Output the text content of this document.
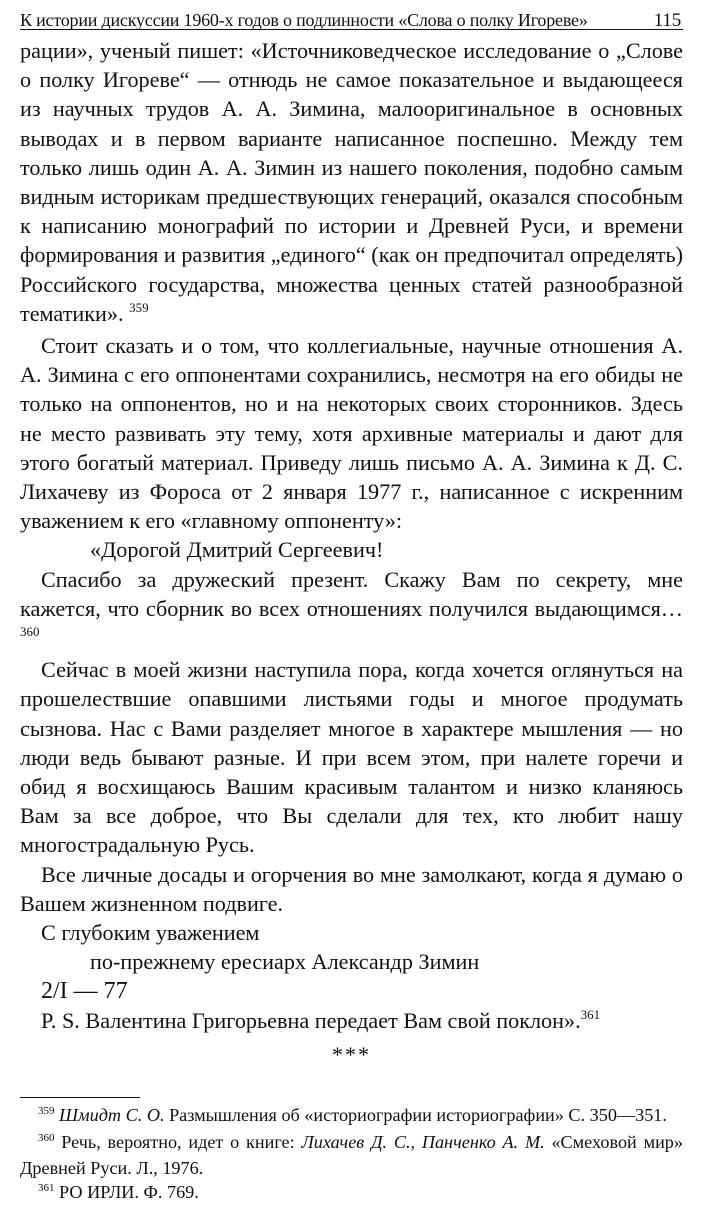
К истории дискуссии 1960-х годов о подлинности «Слова о полку Игореве»	115

рации», ученый пишет: «Источниковедческое исследование о „Слове о полку Игореве“ — отнюдь не самое показательное и выдающееся из научных трудов А. А. Зимина, малооригинальное в основных выводах и в первом варианте написанное поспешно. Между тем только лишь один А. А. Зимин из нашего поколения, подобно самым видным историкам предшествующих генераций, оказался способным к написанию монографий по истории и Древней Руси, и времени формирования и развития „единого“ (как он предпочитал определять) Российского государства, множества ценных статей разнообразной тематики». $^{359}$

Стоит сказать и о том, что коллегиальные, научные отношения А. А. Зимина с его оппонентами сохранились, несмотря на его обиды не только на оппонентов, но и на некоторых своих сторонников. Здесь не место развивать эту тему, хотя архивные материалы и дают для этого богатый материал. Приведу лишь письмо А. А. Зимина к Д. С. Лихачеву из Фороса от 2 января 1977 г., написанное с искренним уважением к его «главному оппоненту»:

«Дорогой Дмитрий Сергеевич!

Спасибо за дружеский презент. Скажу Вам по секрету, мне кажется, что сборник во всех отношениях получился выдающимся…$^{360}$

Сейчас в моей жизни наступила пора, когда хочется оглянуться на прошелествшие опавшими листьями годы и многое продумать сызнова. Нас с Вами разделяет многое в характере мышления — но люди ведь бывают разные. И при всем этом, при налете горечи и обид я восхищаюсь Вашим красивым талантом и низко кланяюсь Вам за все доброе, что Вы сделали для тех, кто любит нашу многострадальную Русь.

Все личные досады и огорчения во мне замолкают, когда я думаю о Вашем жизненном подвиге.

С глубоким уважением

по-прежнему ересиарх Александр Зимин

2/I — 77

P. S. Валентина Григорьевна передает Вам свой поклон».$^{361}$

***

$^{359}$ Шмидт С. О. Размышления об «историографии историографии» С. 350—351.

$^{360}$ Речь, вероятно, идет о книге: Лихачев Д. С., Панченко А. М. «Смеховой мир» Древней Руси. Л., 1976.

$^{361}$ РО ИРЛИ. Ф. 769.
